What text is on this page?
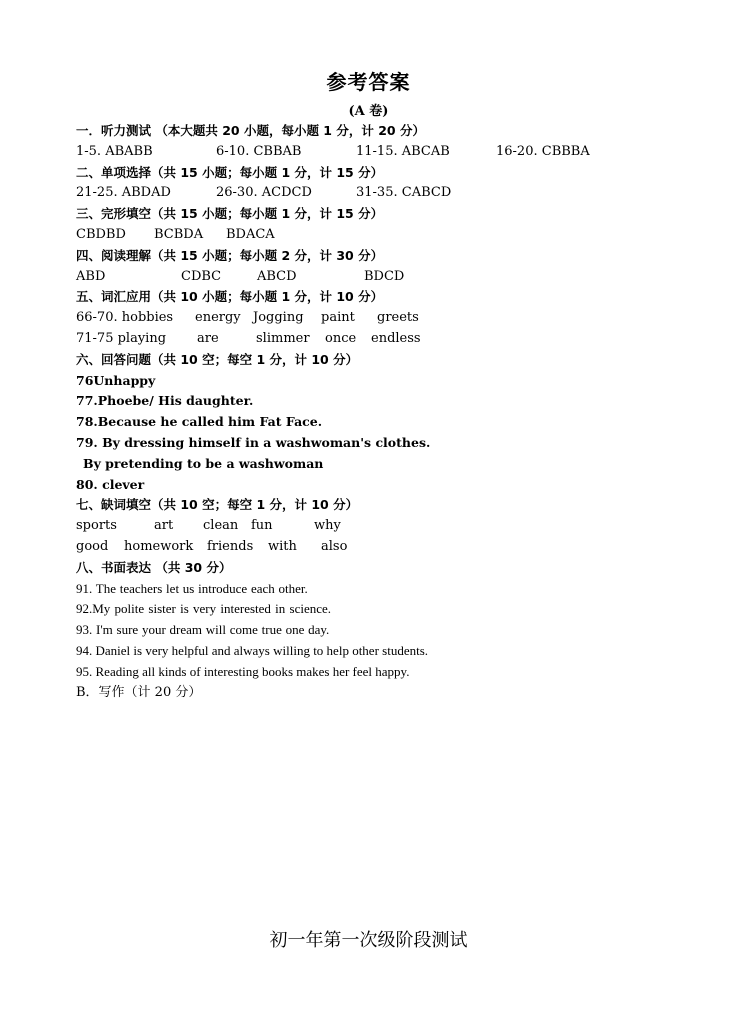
参考答案
(A 卷)
一．听力测试 （本大题共 20 小题，每小题 1 分，计 20 分）
1-5. ABABB	6-10. CBBAB	11-15. ABCAB	16-20. CBBBA
二、单项选择（共 15 小题；每小题 1 分，计 15 分）
21-25. ABDAD	26-30. ACDCD	31-35. CABCD
三、完形填空（共 15 小题；每小题 1 分，计 15 分）
CBDBD BCBDA BDACA
四、阅读理解（共 15 小题；每小题 2 分，计 30 分）
ABD	CDBC	ABCD	BDCD
五、词汇应用（共 10 小题；每小题 1 分，计 10 分）
66-70. hobbies energy Jogging paint greets
71-75 playing are	slimmer once endless
六、回答问题（共 10 空；每空 1 分，计 10 分）
76Unhappy
77.Phoebe/ His daughter.
78.Because he called him Fat Face.
79. By dressing himself in a washwoman's clothes.
By pretending to be a washwoman
80. clever
七、缺词填空（共 10 空；每空 1 分，计 10 分）
sports	art clean fun	why
good homework friends with also
八、书面表达 （共 30 分）
91. The teachers let us introduce each other.
92.My polite sister is very interested in science.
93. I'm sure your dream will come true one day.
94. Daniel is very helpful and always willing to help other students.
95. Reading all kinds of interesting books makes her feel happy.
B．写作（计 20 分）
初一年第一次级阶段测试
